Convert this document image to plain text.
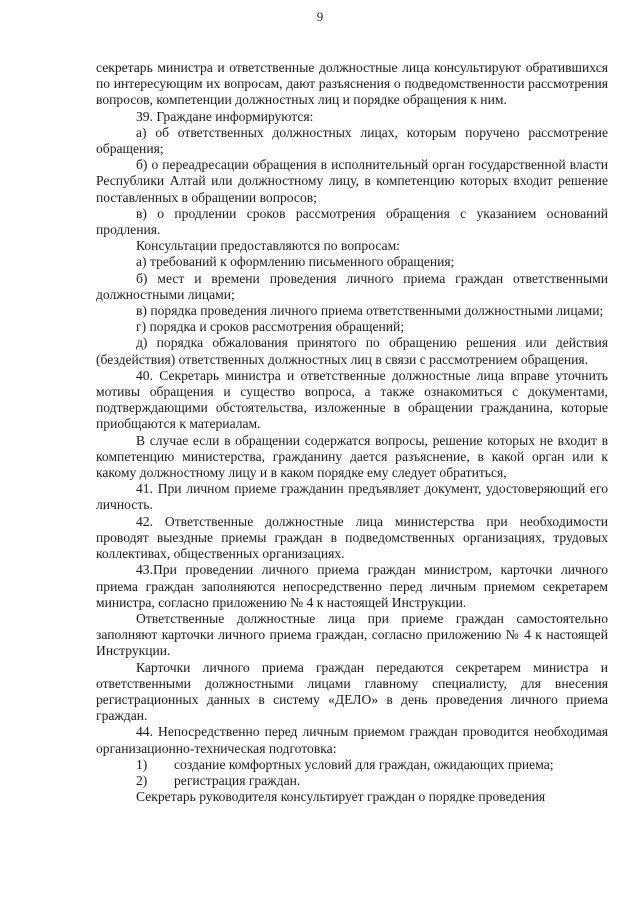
9

секретарь министра и ответственные должностные лица консультируют обратившихся по интересующим их вопросам, дают разъяснения о подведомственности рассмотрения вопросов, компетенции должностных лиц и порядке обращения к ним.

39. Граждане информируются:

а) об ответственных должностных лицах, которым поручено рассмотрение обращения;

б) о переадресации обращения в исполнительный орган государственной власти Республики Алтай или должностному лицу, в компетенцию которых входит решение поставленных в обращении вопросов;

в) о продлении сроков рассмотрения обращения с указанием оснований продления.

Консультации предоставляются по вопросам:

а) требований к оформлению письменного обращения;

б) мест и времени проведения личного приема граждан ответственными должностными лицами;

в) порядка проведения личного приема ответственными должностными лицами;

г) порядка и сроков рассмотрения обращений;

д) порядка обжалования принятого по обращению решения или действия (бездействия) ответственных должностных лиц в связи с рассмотрением обращения.

40. Секретарь министра и ответственные должностные лица вправе уточнить мотивы обращения и существо вопроса, а также ознакомиться с документами, подтверждающими обстоятельства, изложенные в обращении гражданина, которые приобщаются к материалам.

В случае если в обращении содержатся вопросы, решение которых не входит в компетенцию министерства, гражданину дается разъяснение, в какой орган или к какому должностному лицу и в каком порядке ему следует обратиться,

41. При личном приеме гражданин предъявляет документ, удостоверяющий его личность.

42. Ответственные должностные лица министерства при необходимости проводят выездные приемы граждан в подведомственных организациях, трудовых коллективах, общественных организациях.

43.При проведении личного приема граждан министром, карточки личного приема граждан заполняются непосредственно перед личным приемом секретарем министра, согласно приложению № 4 к настоящей Инструкции.

Ответственные должностные лица при приеме граждан самостоятельно заполняют карточки личного приема граждан, согласно приложению № 4 к настоящей Инструкции.

Карточки личного приема граждан передаются секретарем министра и ответственными должностными лицами главному специалисту, для внесения регистрационных данных в систему «ДЕЛО» в день проведения личного приема граждан.

44. Непосредственно перед личным приемом граждан проводится необходимая организационно-техническая подготовка:

1)	создание комфортных условий для граждан, ожидающих приема;
2)	регистрация граждан.

Секретарь руководителя консультирует граждан о порядке проведения
